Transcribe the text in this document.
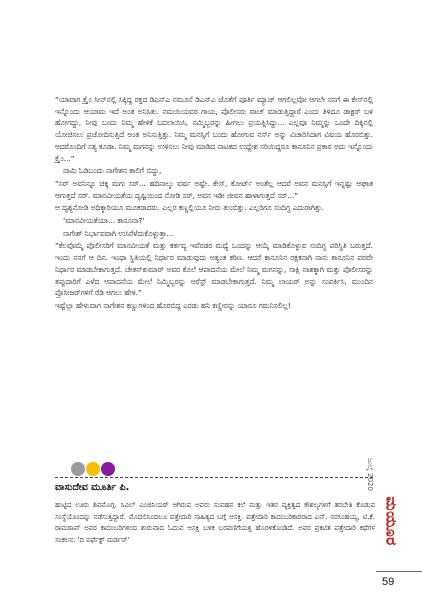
“ಯಾವಾಗ ಕ್ರೈಂ ಸೀನ್‌ನಲ್ಲಿ ಸಿಕ್ಕಿದ್ದ ರಕ್ತದ ಡಿಎನ್‌ಎ ನಮೂನೆ ಡಿಎನ್‌ಎ ಜೊತೆಗೆ ಪೂರ್ತಿ ಮ್ಯಾಚ್ ಆಗಲಿಲ್ಲವೋ ಆಗಲೇ ನನಗೆ ಈ ಕೇಸ್‌ನಲ್ಲಿ ಇನ್ನೊಂದು ಆಯಾಮ ಇದೆ ಅಂತ ಅನಿಸಿತು. ನಮಯಿಯವರ ಗಾಯ, ಪೊಲೀಸರು ವಾಚ್ ಮಾಡುತ್ತಿದ್ದಾರೆ ಎಂದು ತಿಳಿದೂ ಡಾಕ್ಟರ್ ಬಳಿ ಹೋಗದ್ದು, ನೀವು ಬಂದು ನಿಮ್ಮ ಹೇಳಿಕೆ ಬದಲಾಯಿಸಿ, ನಮ್ಮಿಬ್ಬರನ್ನು ಹೀಗಲು ಪ್ರಯತ್ನಿಸಿದ್ದು... ಎಲ್ಲವೂ ನಿಮ್ಮನ್ನು ಒಂದೇ ದಿಕ್ಕಿನಲ್ಲಿ ಯೋಚಿಸಲು ಪ್ರಚೋದಿಸುತ್ತಿದೆ ಅಂತ ಅನಿಸುತ್ತಿತ್ತು. ನಿಮ್ಮ ಮನಸ್ಸಿಗೆ ಬಂದು ಹೋಗುವ ನರ್ಸ್ ಅನ್ನು ವಿಚಾರಿಸಿದಾಗ ವಿಷಯ ಹೊರಬಿತ್ತು. ಆದರೊಂದಿಗೆ ಸತ್ಯ ಕೂಡಾ. ನಿಮ್ಮ ಮಗನನ್ನು ಉಳಿಸಲು ನೀವು ಮಾಡಿದ ನಾಟಕದ ಉದ್ದೇಶ ಸರಿಯಿದ್ದರೂ ಕಾನೂನಿನ ಪ್ರಕಾರ ಅದು ಇನ್ನೊಂದು ಕ್ರೈಂ...”

ನಾಮಿ ಓಡಿಬಂದು ನಾಗೇಶನ ಕಾಲಿಗೆ ಬಿದ್ದು,

“ಸರ್ ಅವನಿನ್ನೂ ಚಿಕ್ಕ ಮಗು ಸರ್... ಹದಿನಾಲ್ಕು ವರ್ಷ ಅಷ್ಟೇ. ಕೇಸ್, ಕೋರ್ಟ್ ಅಂತೆಲ್ಲ ಆದರೆ ಅವನ ಮನಸ್ಸಿಗೆ ಇನ್ನಷ್ಟು ಆಘಾತ ಆಗುತ್ತದೆ ಸರ್. ಮಾನವೀಯತೆಯ ದೃಷ್ಟಿಯಿಂದ ನೋಡಿ ಸರ್, ಅವನ ಇಡೀ ಜೀವನ ಹಾಳಾಗುತ್ತದೆ ಸರ್...”

ಆ ದೃಶ್ಯನೋಡಿ ಅಧಿಕ್ಕಾರಿಯೂ ಮೂಕರಾದರು. ಎಲ್ಲರ ಕಣ್ಣಲ್ಲಿಯೂ ನೀರು ತುಂಬಿತ್ತು. ಎಲ್ಲರಿಗೂ ಸಂದಿಗ್ಧ ಎದುರಾಗಿತ್ತು.

‘ಮಾನವೀಯತೆಯಾ... ಕಾನೂನಾ?’

ನಾಗೇಶ್ ನಿರ್ಭಾವವಾಗಿ ಉಸಿರೆಳೆದುಕೊಳ್ಳುತ್ತಾ...

“ಕೆಲವೊಮ್ಮೆ ಪೊಲೀಸರಿಗೆ ಮಾನವೀಯತೆ ಮತ್ತು ಕರ್ತವ್ಯ ಇವೆರಡರ ಮಧ್ಯೆ ಒಂದನ್ನು ಆಯ್ಕೆ ಮಾಡಿಕೊಳ್ಳುವ ಸಂದಿಗ್ಧ ಪರಿಸ್ಥಿತಿ ಬರುತ್ತದೆ. ಇಂದು ನನಗೆ ಆ ದಿನ. ಇಂಥಾ ಸ್ಥಿತಿಯಲ್ಲಿ ನಿರ್ಧಾರ ಮಾಡುವುದು ಅತ್ಯಂತ ಕಠಿಣ. ಆದರೆ ಕಾನೂನಿನ ರಕ್ಷಕನಾಗಿ ನಾನು ಕಾನೂನಿನ ಪರವೇ ನಿರ್ಧಾರ ಮಾಡಬೇಕಾಗುತ್ತದೆ. ಚೇತನ್‌ಕುಮಾರ್ ಅವರ ಕೊಲೆ ಆಪಾದನೆಯ ಮೇಲೆ ನಿಮ್ಮ ಮಗನನ್ನು, ಸಾಕ್ಷಿ ನಾಶಕ್ಕಾಗಿ ಮತ್ತು ಪೊಲೀಸರನ್ನು ತಪ್ಪುದಾರಿಗೆ ಎಳೆದ ಆಪಾದನೆಯ ಮೇಲೆ ನಿಮ್ಮಿಬ್ಬರನ್ನು ಅರೆಸ್ಟ್ ಮಾಡಬೇಕಾಗುತ್ತದೆ. ನಿಮ್ಮ ಲಾಯರ್ ಅನ್ನು ಸಂಪರ್ಕಿಸಿ, ಮುಂದಿನ ಪ್ರೊಸೀಜರ್‌ಗಳಿಗೆ ರೆಡಿ ಆಗಲು ಹೇಳಿ.”

ಇಷ್ಟೆಲ್ಲಾ ಹೇಳುವಾಗ ನಾಗೇಶನ ಕಣ್ಣುಗಳಿಂದ ಹೊರಬಿದ್ದ ಎರಡು ಹನಿ ಕಣ್ಣೀರನ್ನು ಯಾರೂ ಗಮನಿಸಲಿಲ್ಲ!

ವಾಸುದೇವ ಮೂರ್ತಿ ಪಿ.
ಹುಟ್ಟಿದ ಊರು ಶಿವಮೊಗ್ಗ. ಸಿವಿಲ್ ಎಂಜಿನಿಯರ್ ಆಗಿರುವ ಅವರು ಸಂವಹನ ಕಲೆ ಮತ್ತು ಇತರ ವ್ಯಕ್ತಿತ್ವದ ಕೌಶಲ್ಯಗಳಿಗೆ ತರಬೇತಿ ಕೊಡುವ ಸಂಸ್ಥೆಯೊಂದನ್ನು ನಡೆಸುತ್ತಿದ್ದಾರೆ. ಮೊದಲಿನಿಂದಲೂ ಪತ್ತೇದಾರಿ ಸಾಹಿತ್ಯದ ಬಗ್ಗೆ ಆಸಕ್ತಿ. ಪತ್ತೇದಾರಿ ಕಾದಂಬರಿಕಾರರಾದ ಎನ್. ನರಸಿಂಹಯ್ಯ, ಟಿ.ಕೆ. ರಾಮರಾವ್ ಅವರ ಕಾದಂಬರಿಗಳಿಂದ ಶುರುವಾದ ಓದುವ ಆಸಕ್ತಿ ಬಳಿಕ ಬರವಣಿಗೆಯತ್ತ ಹೊರಳಿಕೊಂಡಿದೆ. ಅವರ ಪ್ರಕಟಿತ ಪತ್ತೇದಾರಿ ಕಥೆಗಳ ಸಂಕಲನ: 'ದಿ ಪರ್ಫೆಕ್ಟ್ ಮರ್ಡರ್'
ಜುಲೈ 2020
ಮಯೂರ
59
